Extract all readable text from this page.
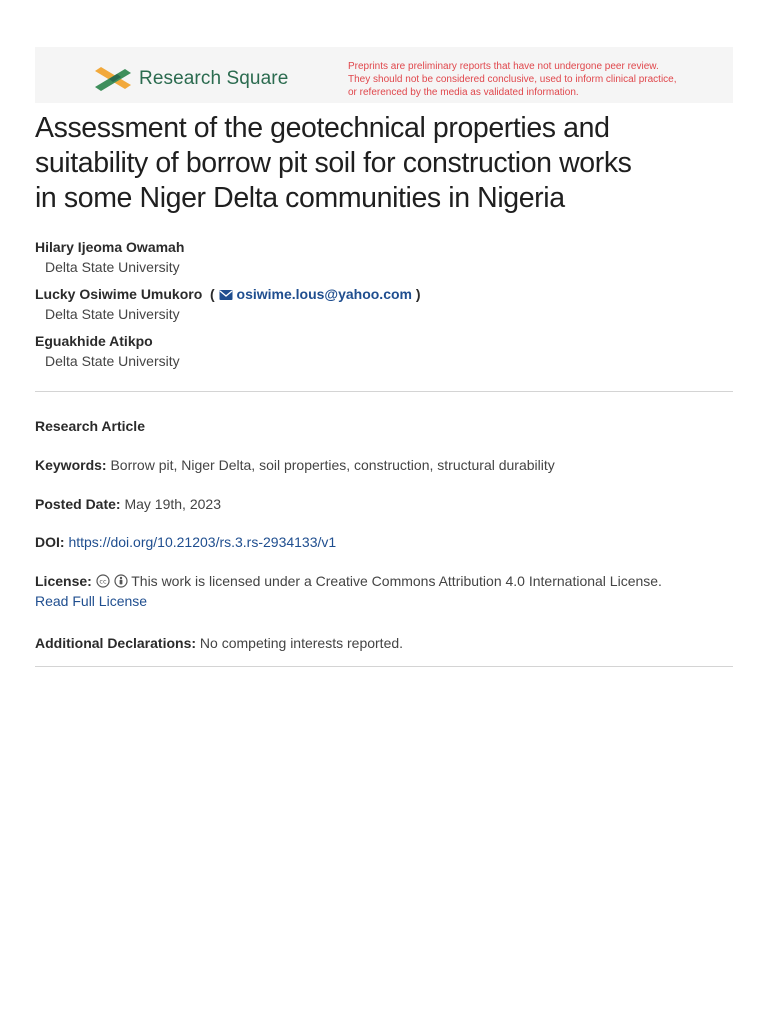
Research Square
Preprints are preliminary reports that have not undergone peer review.
They should not be considered conclusive, used to inform clinical practice,
or referenced by the media as validated information.
Assessment of the geotechnical properties and
suitability of borrow pit soil for construction works
in some Niger Delta communities in Nigeria
Hilary Ijeoma Owamah
Delta State University
Lucky Osiwime Umukoro  ( osiwime.lous@yahoo.com )
Delta State University
Eguakhide Atikpo
Delta State University
Research Article
Keywords: Borrow pit, Niger Delta, soil properties, construction, structural durability
Posted Date: May 19th, 2023
DOI: https://doi.org/10.21203/rs.3.rs-2934133/v1
License: cc This work is licensed under a Creative Commons Attribution 4.0 International License.
Read Full License
Additional Declarations: No competing interests reported.
